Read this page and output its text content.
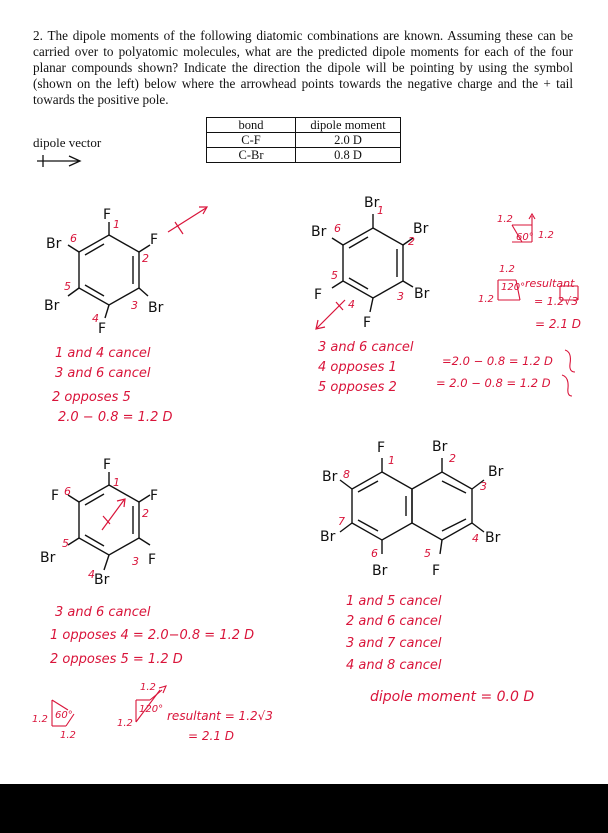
2. The dipole moments of the following diatomic combinations are known. Assuming these can be carried over to polyatomic molecules, what are the predicted dipole moments for each of the four planar compounds shown? Indicate the direction the dipole will be pointing by using the symbol (shown on the left) below where the arrowhead points towards the negative charge and the + tail towards the positive pole.

dipole vector
bond	dipole moment
C-F	2.0 D
C-Br	0.8 D
F
F
Br
F
Br
Br
1
2
3
4
5
6
Br
Br
Br
F
F
Br
1
2
3
4
5
6
1.2
60° 1.2
1.2
1.2
120° resultant
= 1.2√3
= 2.1 D
F
F
F
Br
Br
F
1
2
3
4
5
6
1.2 60°
1.2
1.2
1.2
120° resultant = 1.2√3
= 2.1 D
F	Br
Br
Br
F
Br
Br
Br
1	2
3
4
5
6
7
8

1 and 4 cancel

3 and 6 cancel

2 opposes 5

2.0 − 0.8 = 1.2 D

3 and 6 cancel

4 opposes 1

5 opposes 2

=2.0 − 0.8 = 1.2 D

= 2.0 − 0.8 = 1.2 D

3 and 6 cancel

1 opposes 4 = 2.0−0.8 = 1.2 D

2 opposes 5 = 1.2 D

1 and 5 cancel

2 and 6 cancel

3 and 7 cancel

4 and 8 cancel

dipole moment = 0.0 D
